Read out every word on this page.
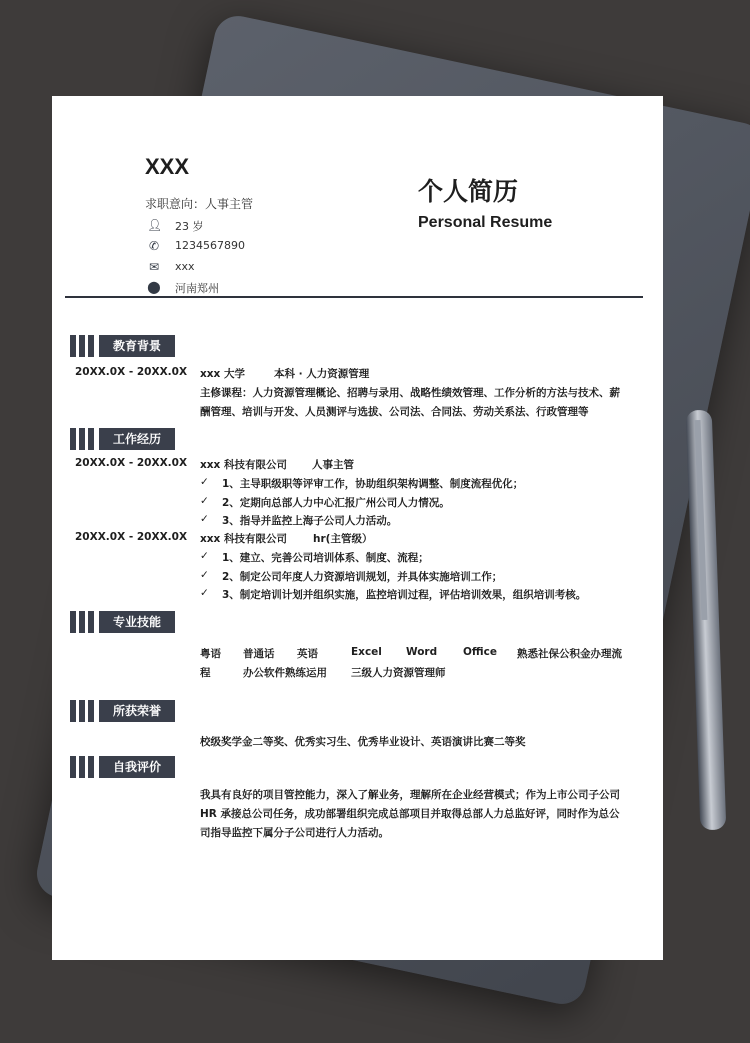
XXX
求职意向：人事主管
👤︎ 23 岁
✆ 1234567890
✉ xxx
⬤ 河南郑州
个人简历
Personal Resume
教育背景
20XX.0X - 20XX.0X xxx 大学	本科 · 人力资源管理
主修课程：人力资源管理概论、招聘与录用、战略性绩效管理、工作分析的方法与技术、薪
酬管理、培训与开发、人员测评与选拔、公司法、合同法、劳动关系法、行政管理等
工作经历
20XX.0X - 20XX.0X xxx 科技有限公司 人事主管
✓ 1、主导职级职等评审工作，协助组织架构调整、制度流程优化；
✓ 2、定期向总部人力中心汇报广州公司人力情况。
✓ 3、指导并监控上海子公司人力活动。
20XX.0X - 20XX.0X xxx 科技有限公司 hr(主管级）
✓ 1、建立、完善公司培训体系、制度、流程；
✓ 2、制定公司年度人力资源培训规划，并具体实施培训工作；
✓ 3、制定培训计划并组织实施，监控培训过程，评估培训效果，组织培训考核。
专业技能
粤语 普通话 英语	Excel Word Office 熟悉社保公积金办理流
程	办公软件熟练运用 三级人力资源管理师
所获荣誉
校级奖学金二等奖、优秀实习生、优秀毕业设计、英语演讲比赛二等奖
自我评价
我具有良好的项目管控能力，深入了解业务，理解所在企业经营模式；作为上市公司子公司
HR 承接总公司任务，成功部署组织完成总部项目并取得总部人力总监好评，同时作为总公
司指导监控下属分子公司进行人力活动。
